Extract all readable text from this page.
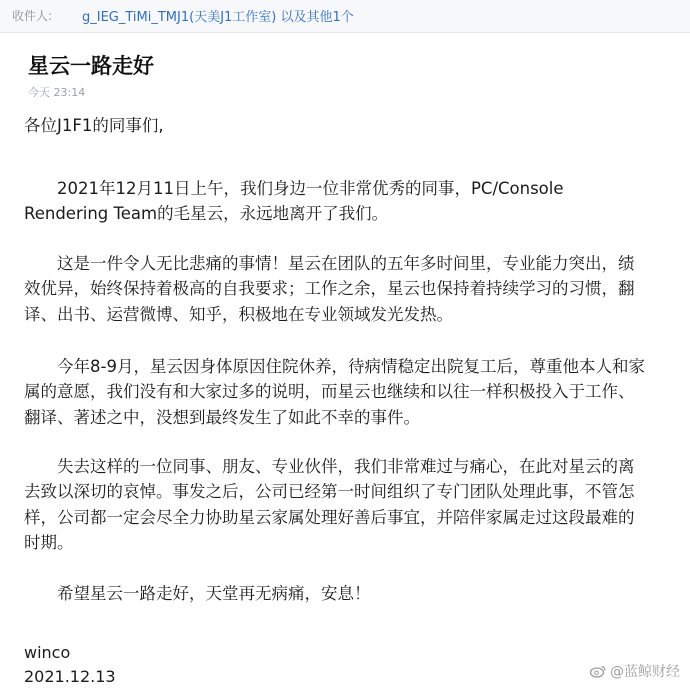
收件人: g_IEG_TiMi_TMJ1(天美J1工作室) 以及其他1个
星云一路走好
今天 23:14
各位J1F1的同事们,

2021年12月11日上午，我们身边一位非常优秀的同事，PC/Console Rendering Team的毛星云，永远地离开了我们。

这是一件令人无比悲痛的事情！星云在团队的五年多时间里，专业能力突出，绩效优异，始终保持着极高的自我要求；工作之余，星云也保持着持续学习的习惯，翻译、出书、运营微博、知乎，积极地在专业领域发光发热。

今年8-9月，星云因身体原因住院休养，待病情稳定出院复工后，尊重他本人和家属的意愿，我们没有和大家过多的说明，而星云也继续和以往一样积极投入于工作、翻译、著述之中，没想到最终发生了如此不幸的事件。

失去这样的一位同事、朋友、专业伙伴，我们非常难过与痛心，在此对星云的离去致以深切的哀悼。事发之后，公司已经第一时间组织了专门团队处理此事，不管怎样，公司都一定会尽全力协助星云家属处理好善后事宜，并陪伴家属走过这段最难的时期。

希望星云一路走好，天堂再无病痛，安息！

winco
2021.12.13	@蓝鲸财经
